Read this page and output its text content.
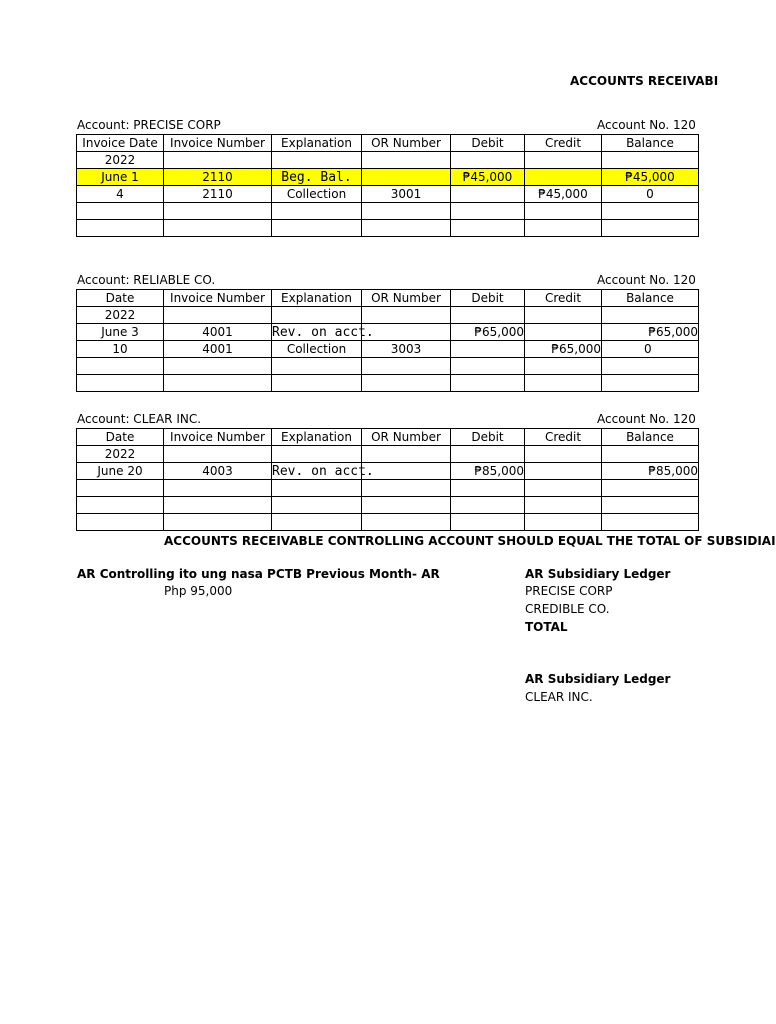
ACCOUNTS RECEIVABI
Account: PRECISE CORP	Account No. 120
Invoice Date	Invoice Number	Explanation	OR Number	Debit	Credit	Balance
2022						
June 1	2110	Beg. Bal.		₱45,000		₱45,000
4	2110	Collection	3001		₱45,000	0

Account: RELIABLE CO.	Account No. 120
Date	Invoice Number	Explanation	OR Number	Debit	Credit	Balance
2022						
June 3	4001	Rev. on acct.		₱65,000		₱65,000
10	4001	Collection	3003		₱65,000	0

Account: CLEAR INC.	Account No. 120
Date	Invoice Number	Explanation	OR Number	Debit	Credit	Balance
2022						
June 20	4003	Rev. on acct.		₱85,000		₱85,000

ACCOUNTS RECEIVABLE CONTROLLING ACCOUNT SHOULD EQUAL THE TOTAL OF SUBSIDIAI
AR Controlling ito ung nasa PCTB Previous Month- AR
Php 95,000
AR Subsidiary Ledger
PRECISE CORP
CREDIBLE CO.
TOTAL
AR Subsidiary Ledger
CLEAR INC.
